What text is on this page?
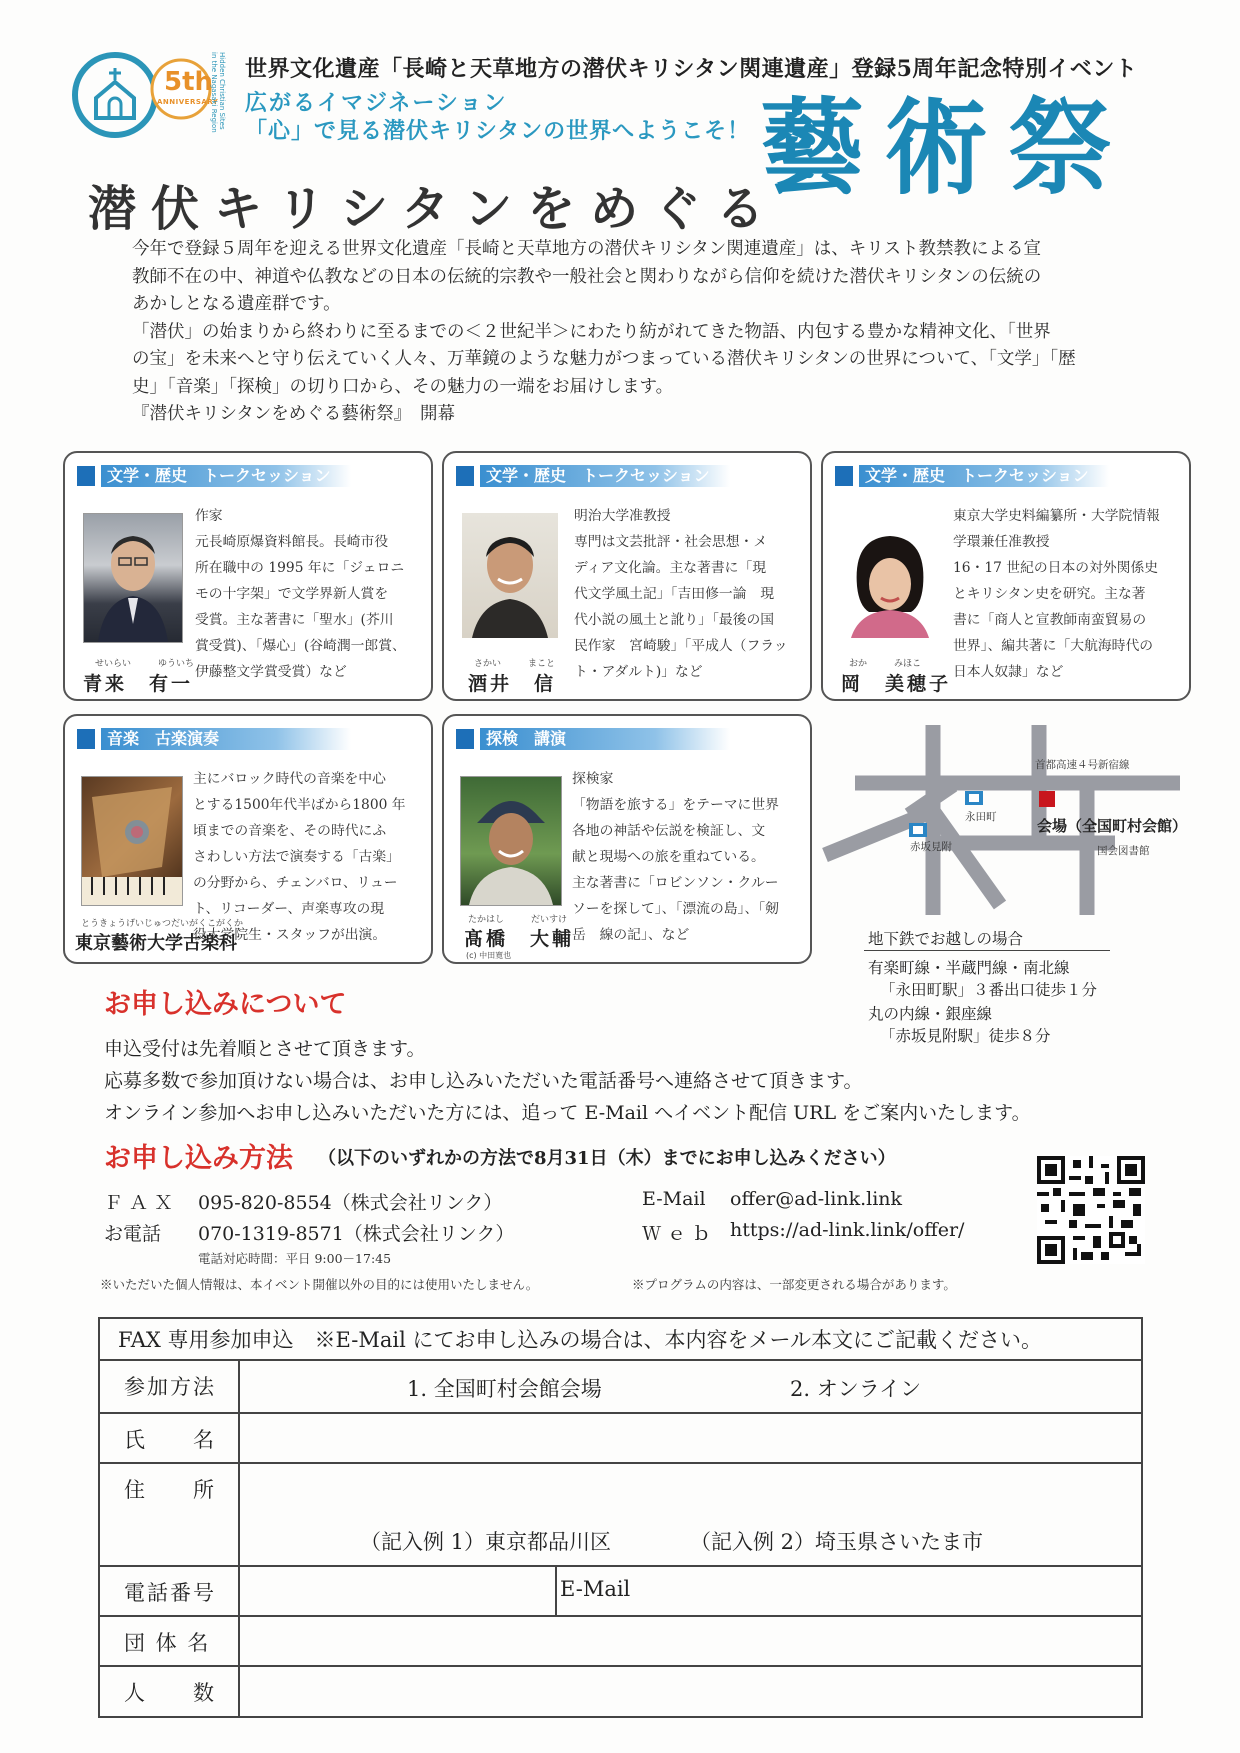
5th
ANNIVERSARY Hidden Christian Sites in the Nagasaki Region	世界文化遺産「長崎と天草地方の潜伏キリシタン関連遺産」登録5周年記念特別イベント
広がるイマジネーション
「心」で見る潜伏キリシタンの世界へようこそ！ 藝術祭
潜伏キリシタンをめぐる

今年で登録５周年を迎える世界文化遺産「長崎と天草地方の潜伏キリシタン関連遺産」は、キリスト教禁教による宣

教師不在の中、神道や仏教などの日本の伝統的宗教や一般社会と関わりながら信仰を続けた潜伏キリシタンの伝統の

あかしとなる遺産群です。

「潜伏」の始まりから終わりに至るまでの＜２世紀半＞にわたり紡がれてきた物語、内包する豊かな精神文化、「世界

の宝」を未来へと守り伝えていく人々、万華鏡のような魅力がつまっている潜伏キリシタンの世界について、「文学」「歴

史」「音楽」「探検」の切り口から、その魅力の一端をお届けします。

『潜伏キリシタンをめぐる藝術祭』　開幕

文学・歴史　トークセッション
作家
元長崎原爆資料館長。長崎市役
所在職中の 1995 年に「ジェロニ
モの十字架」で文学界新人賞を
受賞。主な著書に「聖水」(芥川
賞受賞)、「爆心」(谷崎潤一郎賞、
伊藤整文学賞受賞）など
せいらい　　　ゆういち
青来　有一
文学・歴史　トークセッション
明治大学准教授
専門は文芸批評・社会思想・メ
ディア文化論。主な著書に「現
代文学風土記」「吉田修一論　現
代小説の風土と訛り」「最後の国
民作家　宮崎駿」「平成人（フラッ
ト・アダルト)」など
さかい　　　まこと
酒井　信
文学・歴史　トークセッション
東京大学史料編纂所・大学院情報
学環兼任准教授
16・17 世紀の日本の対外関係史
とキリシタン史を研究。主な著
書に「商人と宣教師南蛮貿易の
世界」、編共著に「大航海時代の
日本人奴隷」など
おか　　　みほこ
岡　美穂子
音楽　古楽演奏
主にバロック時代の音楽を中心
とする1500年代半ばから1800 年
頃までの音楽を、その時代にふ
さわしい方法で演奏する「古楽」
の分野から、チェンバロ、リュー
ト、リコーダー、声楽専攻の現
役大学院生・スタッフが出演。
とうきょうげいじゅつだいがくこがくか
東京藝術大学古楽科
探検　講演
探検家
「物語を旅する」をテーマに世界
各地の神話や伝説を検証し、文
献と現場への旅を重ねている。
主な著書に「ロビンソン・クルー
ソーを探して」、「漂流の島」、「剱
岳　線の記」、など
たかはし　　　だいすけ
髙橋　大輔
(c) 中田寛也
首都高速４号新宿線
赤坂見附
永田町	会場（全国町村会館）
国会図書館
地下鉄でお越しの場合
有楽町線・半蔵門線・南北線
「永田町駅」３番出口徒歩１分
丸の内線・銀座線
「赤坂見附駅」徒歩８分
お申し込みについて
申込受付は先着順とさせて頂きます。
応募多数で参加頂けない場合は、お申し込みいただいた電話番号へ連絡させて頂きます。
オンライン参加へお申し込みいただいた方には、追って E-Mail へイベント配信 URL をご案内いたします。
お申し込み方法 （以下のいずれかの方法で8月31日（木）までにお申し込みください）
ＦＡＸ 095-820-8554（株式会社リンク）
お電話 070-1319-8571（株式会社リンク）
電話対応時間：平日 9:00－17:45
E-Mail offer@ad-link.link
Ｗｅｂ https://ad-link.link/offer/
※いただいた個人情報は、本イベント開催以外の目的には使用いたしません。	※プログラムの内容は、一部変更される場合があります。
FAX 専用参加申込　※E-Mail にてお申し込みの場合は、本内容をメール本文にご記載ください。
参加方法	1. 全国町村会館会場	2. オンライン
氏　　名
住　　所
（記入例 1）東京都品川区	（記入例 2）埼玉県さいたま市
電話番号	E-Mail
団 体 名
人　　数
